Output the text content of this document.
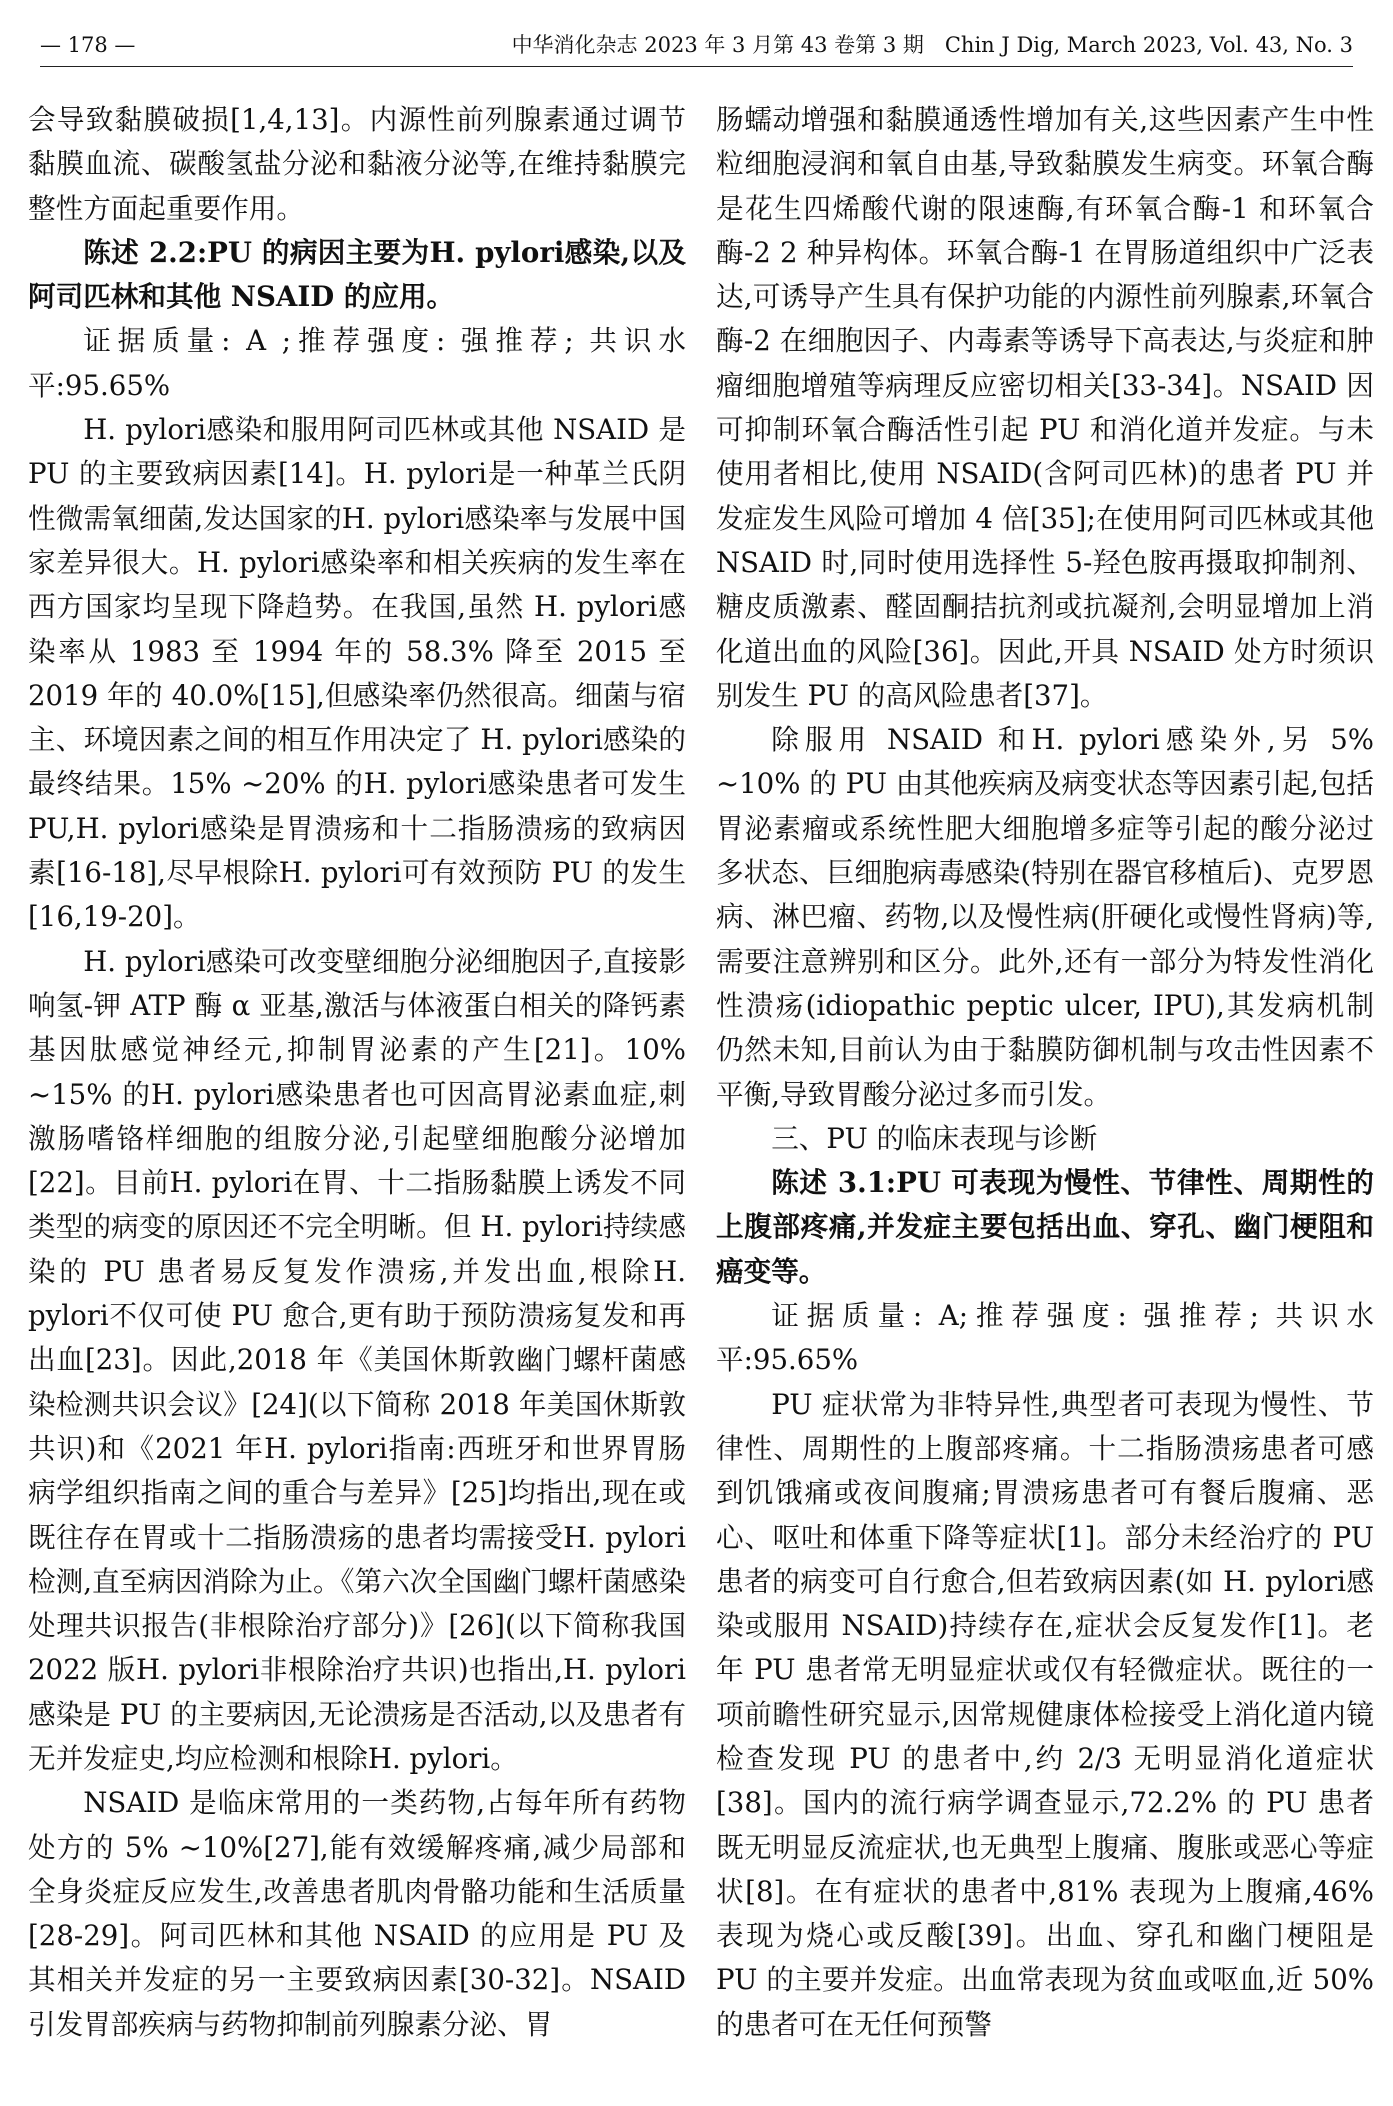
— 178 —	中华消化杂志 2023 年 3 月第 43 卷第 3 期　Chin J Dig, March 2023, Vol. 43, No. 3

会导致黏膜破损[1,4,13]。内源性前列腺素通过调节黏膜血流、碳酸氢盐分泌和黏液分泌等,在维持黏膜完整性方面起重要作用。

陈述 2.2:PU 的病因主要为H. pylori感染,以及阿司匹林和其他 NSAID 的应用。

证据质量: A ;推荐强度: 强推荐; 共识水平:95.65%

H. pylori感染和服用阿司匹林或其他 NSAID 是 PU 的主要致病因素[14]。H. pylori是一种革兰氏阴性微需氧细菌,发达国家的H. pylori感染率与发展中国家差异很大。H. pylori感染率和相关疾病的发生率在西方国家均呈现下降趋势。在我国,虽然 H. pylori感染率从 1983 至 1994 年的 58.3% 降至 2015 至 2019 年的 40.0%[15],但感染率仍然很高。细菌与宿主、环境因素之间的相互作用决定了 H. pylori感染的最终结果。15% ~20% 的H. pylori感染患者可发生 PU,H. pylori感染是胃溃疡和十二指肠溃疡的致病因素[16-18],尽早根除H. pylori可有效预防 PU 的发生[16,19-20]。

H. pylori感染可改变壁细胞分泌细胞因子,直接影响氢-钾 ATP 酶 α 亚基,激活与体液蛋白相关的降钙素基因肽感觉神经元,抑制胃泌素的产生[21]。10% ~15% 的H. pylori感染患者也可因高胃泌素血症,刺激肠嗜铬样细胞的组胺分泌,引起壁细胞酸分泌增加[22]。目前H. pylori在胃、十二指肠黏膜上诱发不同类型的病变的原因还不完全明晰。但 H. pylori持续感染的 PU 患者易反复发作溃疡,并发出血,根除H. pylori不仅可使 PU 愈合,更有助于预防溃疡复发和再出血[23]。因此,2018 年《美国休斯敦幽门螺杆菌感染检测共识会议》[24](以下简称 2018 年美国休斯敦共识)和《2021 年H. pylori指南:西班牙和世界胃肠病学组织指南之间的重合与差异》[25]均指出,现在或既往存在胃或十二指肠溃疡的患者均需接受H. pylori检测,直至病因消除为止。《第六次全国幽门螺杆菌感染处理共识报告(非根除治疗部分)》[26](以下简称我国 2022 版H. pylori非根除治疗共识)也指出,H. pylori感染是 PU 的主要病因,无论溃疡是否活动,以及患者有无并发症史,均应检测和根除H. pylori。

NSAID 是临床常用的一类药物,占每年所有药物处方的 5% ~10%[27],能有效缓解疼痛,减少局部和全身炎症反应发生,改善患者肌肉骨骼功能和生活质量[28-29]。阿司匹林和其他 NSAID 的应用是 PU 及其相关并发症的另一主要致病因素[30-32]。NSAID 引发胃部疾病与药物抑制前列腺素分泌、胃

肠蠕动增强和黏膜通透性增加有关,这些因素产生中性粒细胞浸润和氧自由基,导致黏膜发生病变。环氧合酶是花生四烯酸代谢的限速酶,有环氧合酶-1 和环氧合酶-2 2 种异构体。环氧合酶-1 在胃肠道组织中广泛表达,可诱导产生具有保护功能的内源性前列腺素,环氧合酶-2 在细胞因子、内毒素等诱导下高表达,与炎症和肿瘤细胞增殖等病理反应密切相关[33-34]。NSAID 因可抑制环氧合酶活性引起 PU 和消化道并发症。与未使用者相比,使用 NSAID(含阿司匹林)的患者 PU 并发症发生风险可增加 4 倍[35];在使用阿司匹林或其他 NSAID 时,同时使用选择性 5-羟色胺再摄取抑制剂、糖皮质激素、醛固酮拮抗剂或抗凝剂,会明显增加上消化道出血的风险[36]。因此,开具 NSAID 处方时须识别发生 PU 的高风险患者[37]。

除服用 NSAID 和H. pylori感染外,另 5% ~10% 的 PU 由其他疾病及病变状态等因素引起,包括胃泌素瘤或系统性肥大细胞增多症等引起的酸分泌过多状态、巨细胞病毒感染(特别在器官移植后)、克罗恩病、淋巴瘤、药物,以及慢性病(肝硬化或慢性肾病)等,需要注意辨别和区分。此外,还有一部分为特发性消化性溃疡(idiopathic peptic ulcer, IPU),其发病机制仍然未知,目前认为由于黏膜防御机制与攻击性因素不平衡,导致胃酸分泌过多而引发。

三、PU 的临床表现与诊断

陈述 3.1:PU 可表现为慢性、节律性、周期性的上腹部疼痛,并发症主要包括出血、穿孔、幽门梗阻和癌变等。

证据质量: A;推荐强度: 强推荐; 共识水平:95.65%

PU 症状常为非特异性,典型者可表现为慢性、节律性、周期性的上腹部疼痛。十二指肠溃疡患者可感到饥饿痛或夜间腹痛;胃溃疡患者可有餐后腹痛、恶心、呕吐和体重下降等症状[1]。部分未经治疗的 PU 患者的病变可自行愈合,但若致病因素(如 H. pylori感染或服用 NSAID)持续存在,症状会反复发作[1]。老年 PU 患者常无明显症状或仅有轻微症状。既往的一项前瞻性研究显示,因常规健康体检接受上消化道内镜检查发现 PU 的患者中,约 2/3 无明显消化道症状[38]。国内的流行病学调查显示,72.2% 的 PU 患者既无明显反流症状,也无典型上腹痛、腹胀或恶心等症状[8]。在有症状的患者中,81% 表现为上腹痛,46% 表现为烧心或反酸[39]。出血、穿孔和幽门梗阻是 PU 的主要并发症。出血常表现为贫血或呕血,近 50% 的患者可在无任何预警
